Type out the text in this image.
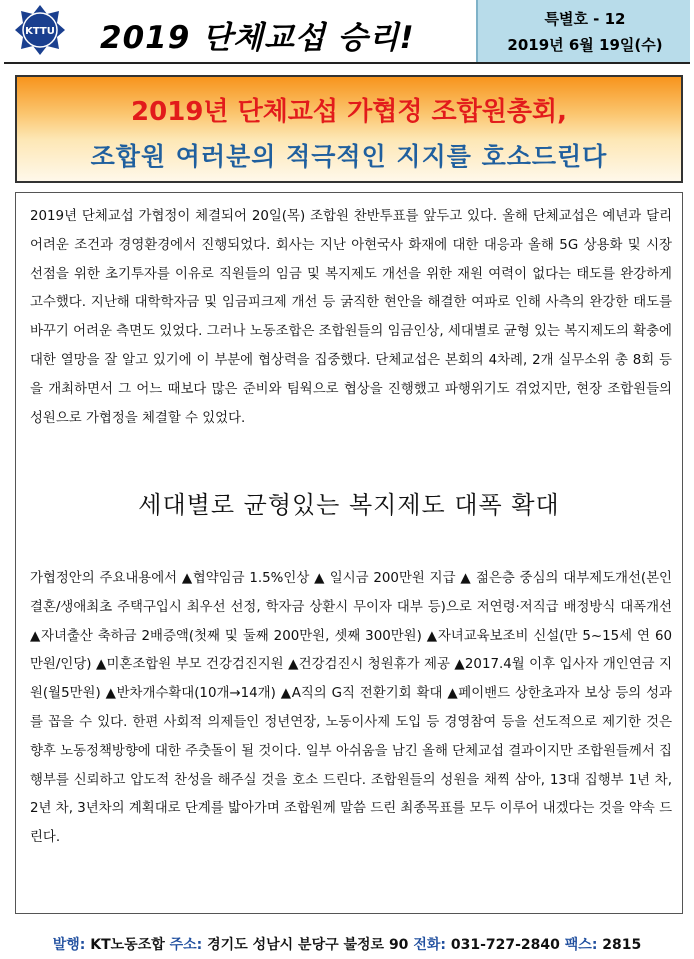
KTTU 2019 단체교섭 승리!
특별호 - 12
2019년 6월 19일(수)
2019년 단체교섭 가협정 조합원총회,
조합원 여러분의 적극적인 지지를 호소드린다

2019년 단체교섭 가협정이 체결되어 20일(목) 조합원 찬반투표를 앞두고 있다. 올해 단체교섭은 예년과 달리 어려운 조건과 경영환경에서 진행되었다. 회사는 지난 아현국사 화재에 대한 대응과 올해 5G 상용화 및 시장 선점을 위한 초기투자를 이유로 직원들의 임금 및 복지제도 개선을 위한 재원 여력이 없다는 태도를 완강하게 고수했다. 지난해 대학학자금 및 임금피크제 개선 등 굵직한 현안을 해결한 여파로 인해 사측의 완강한 태도를 바꾸기 어려운 측면도 있었다. 그러나 노동조합은 조합원들의 임금인상, 세대별로 균형 있는 복지제도의 확충에 대한 열망을 잘 알고 있기에 이 부분에 협상력을 집중했다. 단체교섭은 본회의 4차례, 2개 실무소위 총 8회 등을 개최하면서 그 어느 때보다 많은 준비와 팀웍으로 협상을 진행했고 파행위기도 겪었지만, 현장 조합원들의 성원으로 가협정을 체결할 수 있었다.

세대별로 균형있는 복지제도 대폭 확대

가협정안의 주요내용에서 ▲협약임금 1.5%인상 ▲ 일시금 200만원 지급 ▲ 젊은층 중심의 대부제도개선(본인결혼/생애최초 주택구입시 최우선 선정, 학자금 상환시 무이자 대부 등)으로 저연령·저직급 배정방식 대폭개선 ▲자녀출산 축하금 2배증액(첫째 및 둘째 200만원, 셋째 300만원) ▲자녀교육보조비 신설(만 5~15세 연 60만원/인당) ▲미혼조합원 부모 건강검진지원 ▲건강검진시 청원휴가 제공 ▲2017.4월 이후 입사자 개인연금 지원(월5만원) ▲반차개수확대(10개→14개) ▲A직의 G직 전환기회 확대 ▲페이밴드 상한초과자 보상 등의 성과를 꼽을 수 있다. 한편 사회적 의제들인 정년연장, 노동이사제 도입 등 경영참여 등을 선도적으로 제기한 것은 향후 노동정책방향에 대한 주춧돌이 될 것이다. 일부 아쉬움을 남긴 올해 단체교섭 결과이지만 조합원들께서 집행부를 신뢰하고 압도적 찬성을 해주실 것을 호소 드린다. 조합원들의 성원을 채찍 삼아, 13대 집행부 1년 차, 2년 차, 3년차의 계획대로 단계를 밟아가며 조합원께 말씀 드린 최종목표를 모두 이루어 내겠다는 것을 약속 드린다.

발행: KT노동조합 주소: 경기도 성남시 분당구 불정로 90 전화: 031-727-2840 팩스: 2815
